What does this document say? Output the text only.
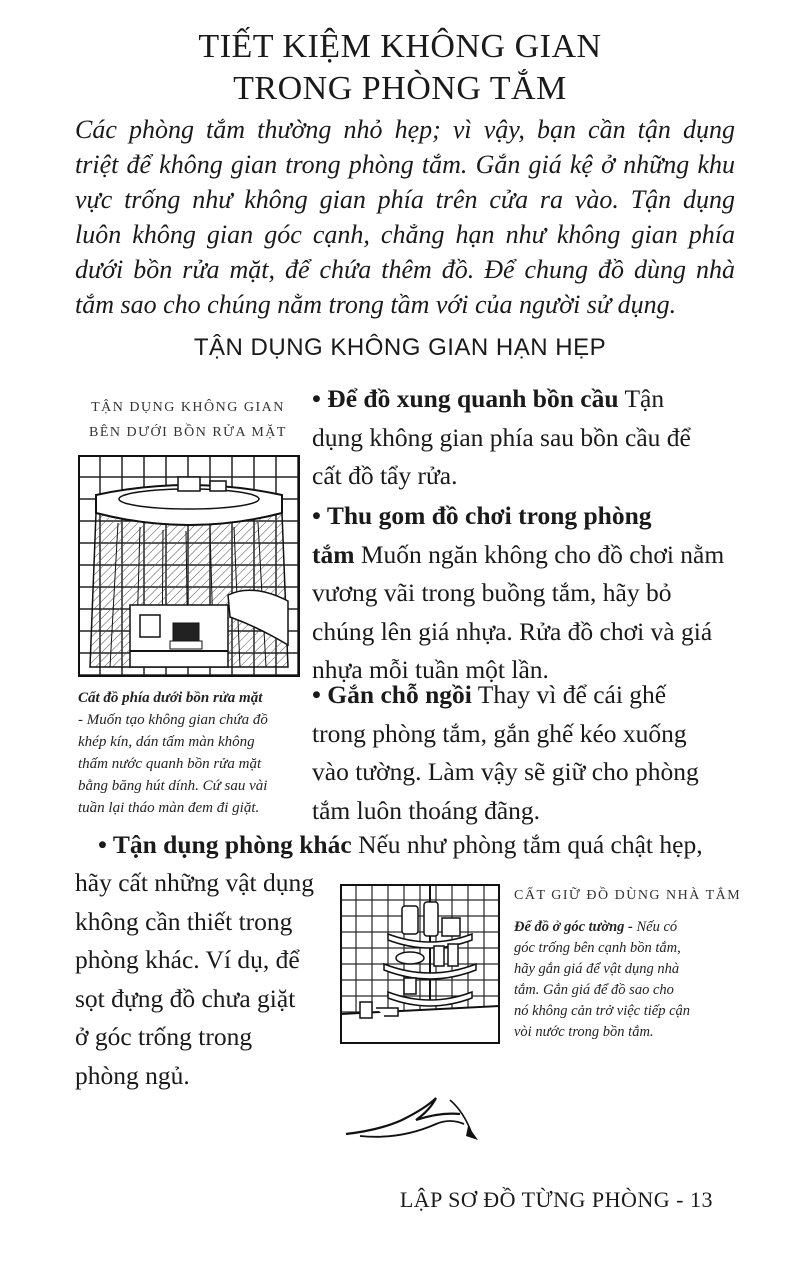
TIẾT KIỆM KHÔNG GIAN
TRONG PHÒNG TẮM
Các phòng tắm thường nhỏ hẹp; vì vậy, bạn cần tận dụng
triệt để không gian trong phòng tắm. Gắn giá kệ ở những khu
vực trống như không gian phía trên cửa ra vào. Tận dụng
luôn không gian góc cạnh, chẳng hạn như không gian phía
dưới bồn rửa mặt, để chứa thêm đồ. Để chung đồ dùng nhà
tắm sao cho chúng nằm trong tầm với của người sử dụng.
TẬN DỤNG KHÔNG GIAN HẠN HẸP
TẬN DỤNG KHÔNG GIAN
BÊN DƯỚI BỒN RỬA MẶT
Cất đồ phía dưới bồn rửa mặt
- Muốn tạo không gian chứa đồ
khép kín, dán tấm màn không
thấm nước quanh bồn rửa mặt
bằng băng hút dính. Cứ sau vài
tuần lại tháo màn đem đi giặt.
• Để đồ xung quanh bồn cầu Tận
dụng không gian phía sau bồn cầu để
cất đồ tẩy rửa.
• Thu gom đồ chơi trong phòng
tắm Muốn ngăn không cho đồ chơi nằm
vương vãi trong buồng tắm, hãy bỏ
chúng lên giá nhựa. Rửa đồ chơi và giá
nhựa mỗi tuần một lần.
• Gắn chỗ ngồi Thay vì để cái ghế
trong phòng tắm, gắn ghế kéo xuống
vào tường. Làm vậy sẽ giữ cho phòng
tắm luôn thoáng đãng.
• Tận dụng phòng khác Nếu như phòng tắm quá chật hẹp,
hãy cất những vật dụng
không cần thiết trong
phòng khác. Ví dụ, để
sọt đựng đồ chưa giặt
ở góc trống trong
phòng ngủ.
CẤT GIỮ ĐỒ DÙNG NHÀ TẮM
Để đồ ở góc tường - Nếu có
góc trống bên cạnh bồn tắm,
hãy gắn giá để vật dụng nhà
tắm. Gắn giá để đồ sao cho
nó không cản trở việc tiếp cận
vòi nước trong bồn tắm.
LẬP SƠ ĐỒ TỪNG PHÒNG - 13
